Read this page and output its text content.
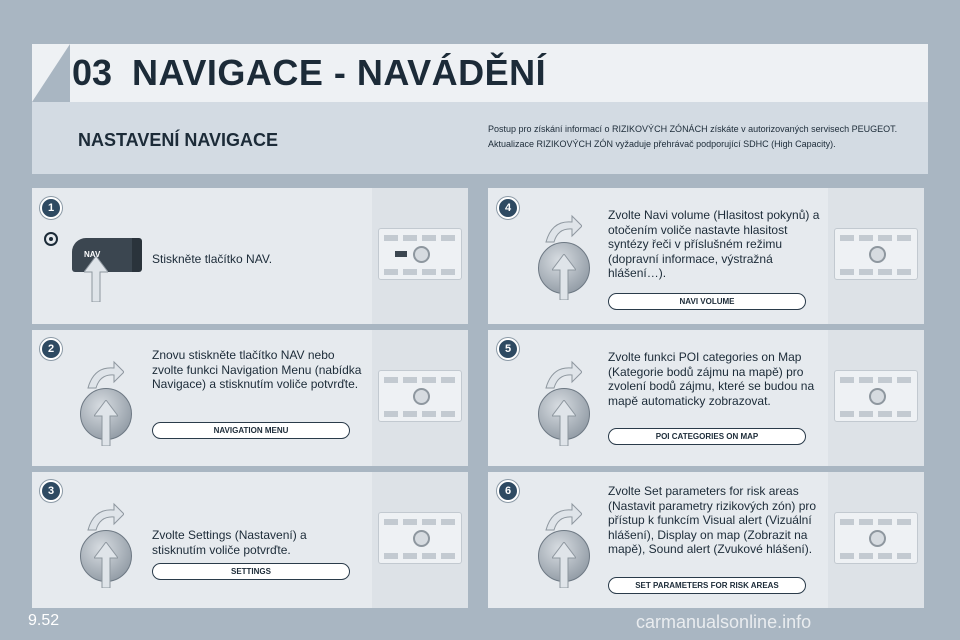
03 NAVIGACE - NAVÁDĚNÍ
NASTAVENÍ NAVIGACE
Postup pro získání informací o RIZIKOVÝCH ZÓNÁCH získáte v autorizovaných servisech PEUGEOT.
Aktualizace RIZIKOVÝCH ZÓN vyžaduje přehrávač podporující SDHC (High Capacity).
1
NAV	Stiskněte tlačítko NAV.
2	Znovu stiskněte tlačítko NAV nebo zvolte funkci Navigation Menu (nabídka Navigace) a stisknutím voliče potvrďte.
NAVIGATION MENU
3
Zvolte Settings (Nastavení) a stisknutím voliče potvrďte.
SETTINGS
4	Zvolte Navi volume (Hlasitost pokynů) a otočením voliče nastavte hlasitost syntézy řeči v příslušném režimu (dopravní informace, výstražná hlášení…).
NAVI VOLUME
5
Zvolte funkci POI categories on Map (Kategorie bodů zájmu na mapě) pro zvolení bodů zájmu, které se budou na mapě automaticky zobrazovat.
POI CATEGORIES ON MAP
6	Zvolte Set parameters for risk areas (Nastavit parametry rizikových zón) pro přístup k funkcím Visual alert (Vizuální hlášení), Display on map (Zobrazit na mapě), Sound alert (Zvukové hlášení).
SET PARAMETERS FOR RISK AREAS
9.52	carmanualsonline.info
